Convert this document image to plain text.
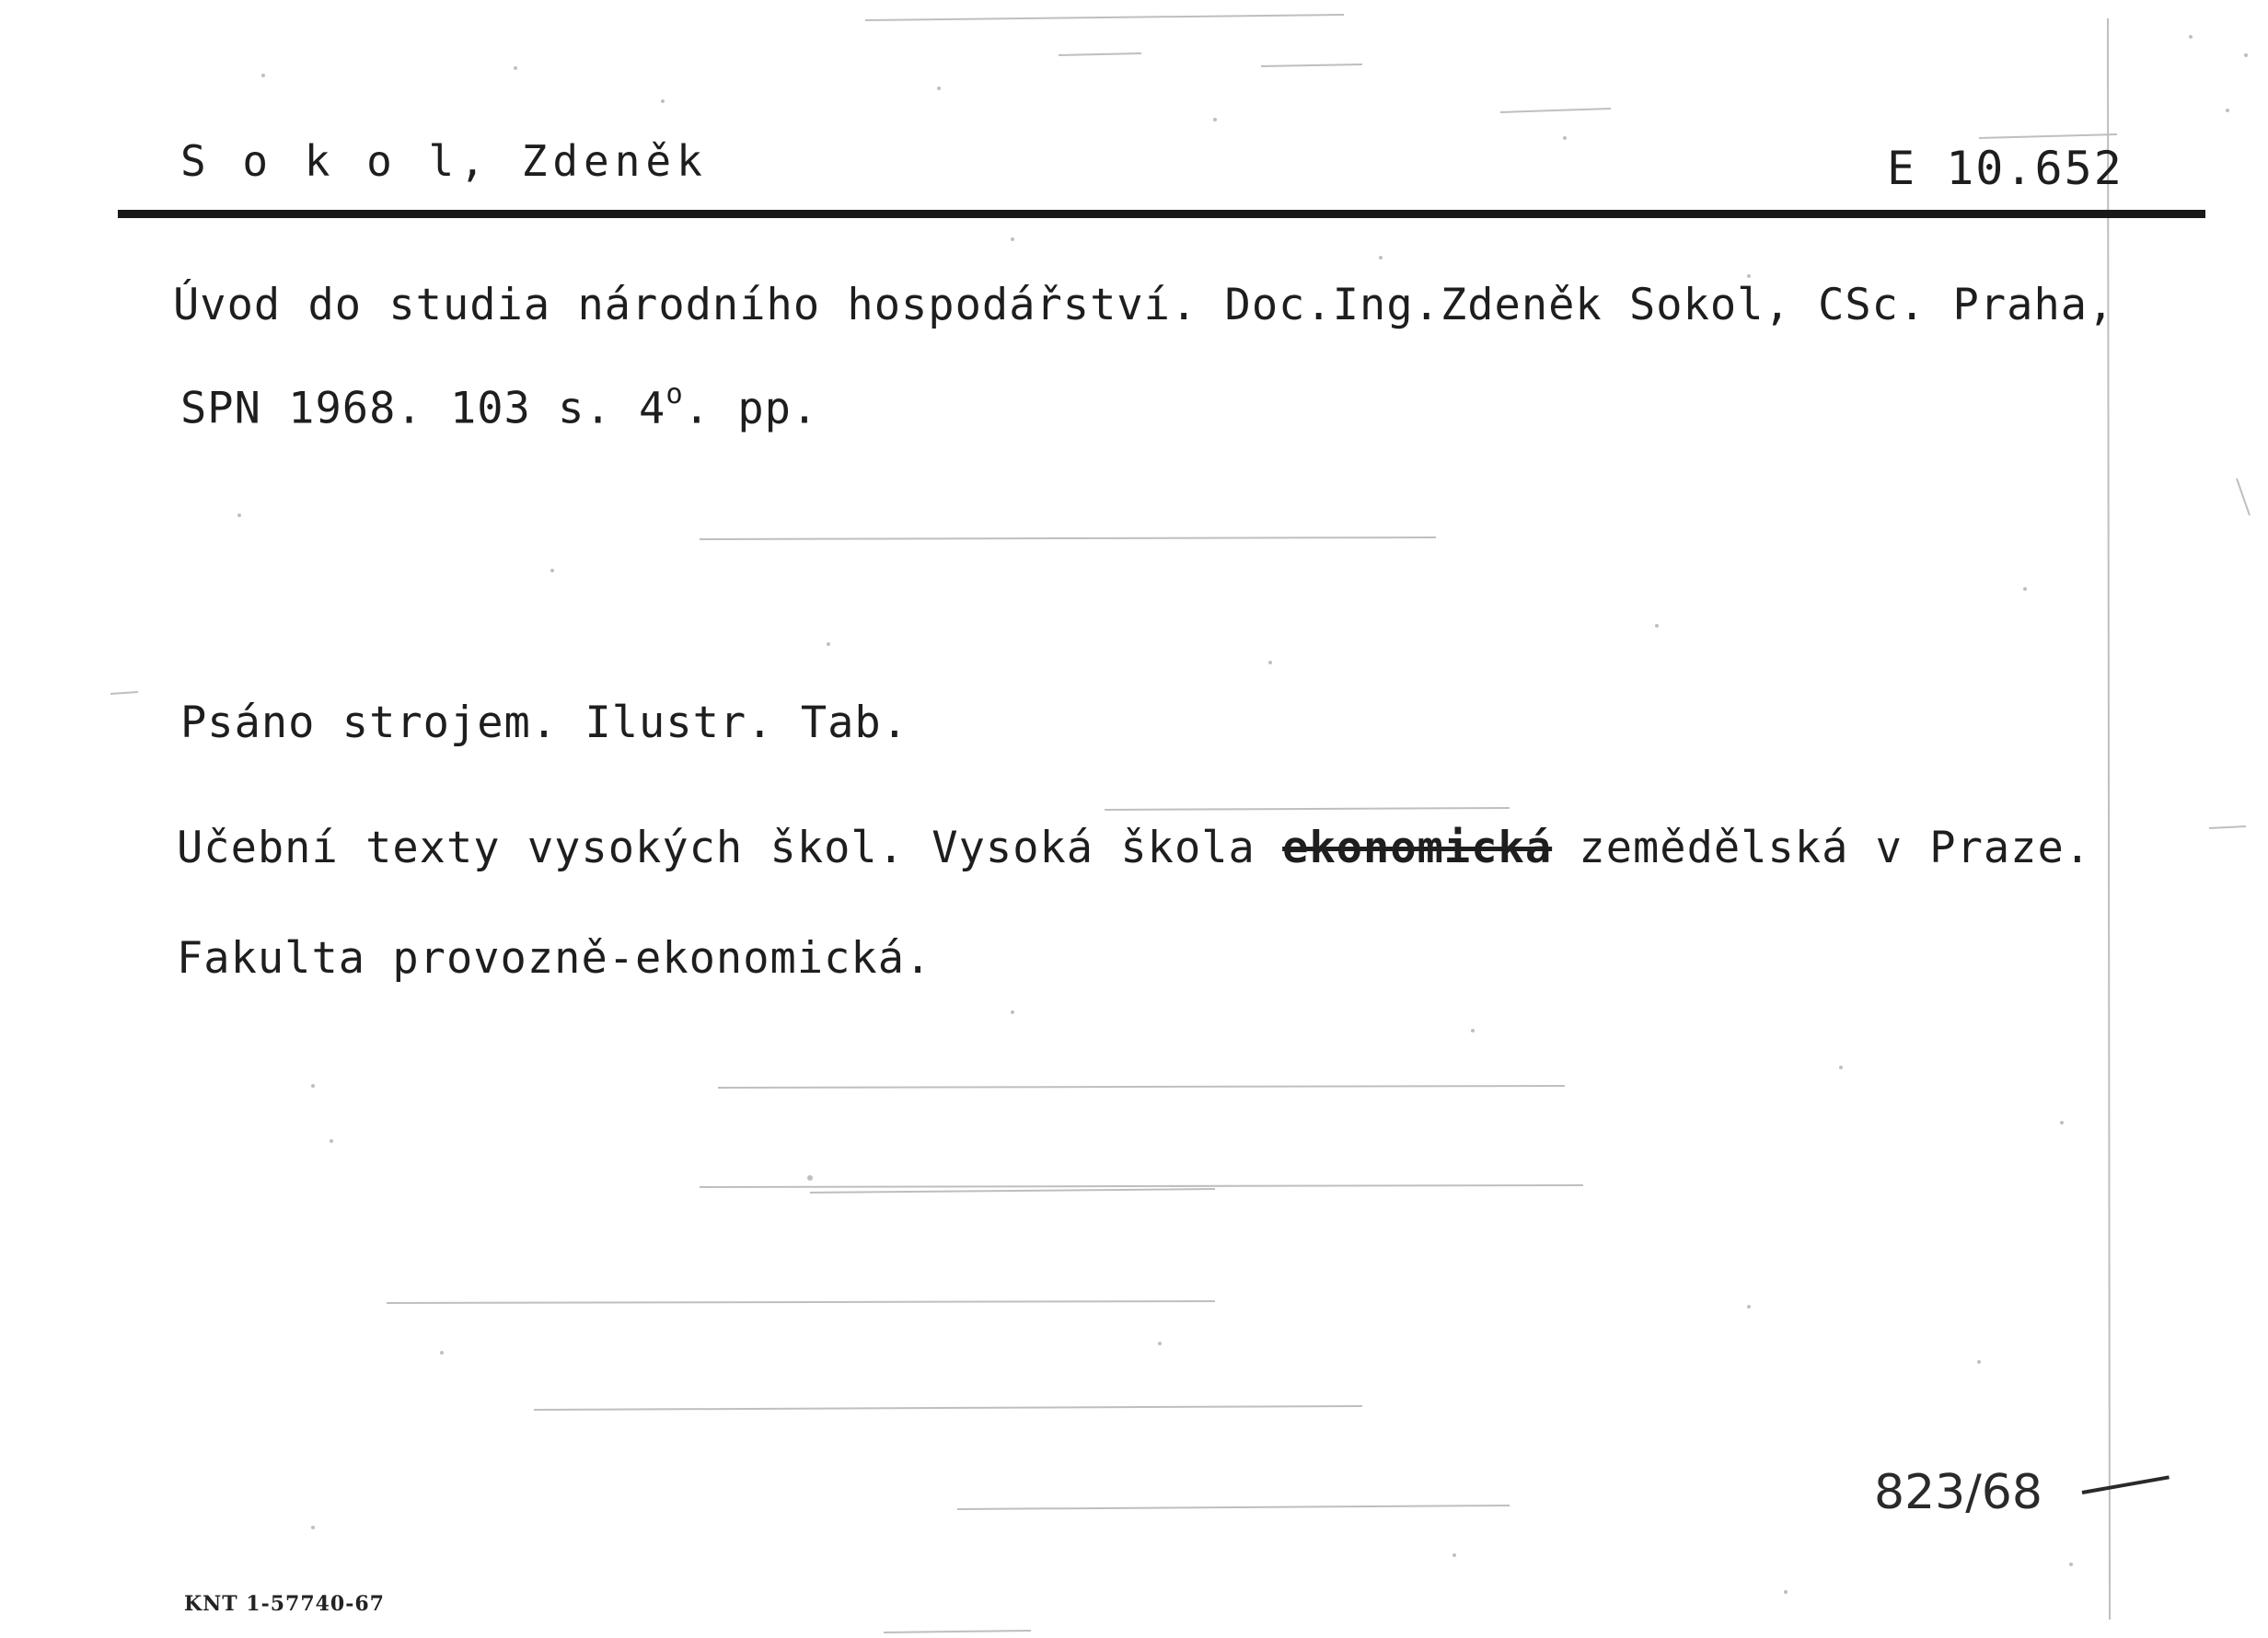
S o k o l, Zdeněk	E 10.652
Úvod do studia národního hospodářství. Doc.Ing.Zdeněk Sokol, CSc. Praha,
SPN 1968. 103 s. 4$^o$. pp.
Psáno strojem. Ilustr. Tab.
Učební texty vysokých škol. Vysoká škola ekonomická zemědělská v Praze.
Fakulta provozně-ekonomická.
823/68
KNT 1-57740-67
